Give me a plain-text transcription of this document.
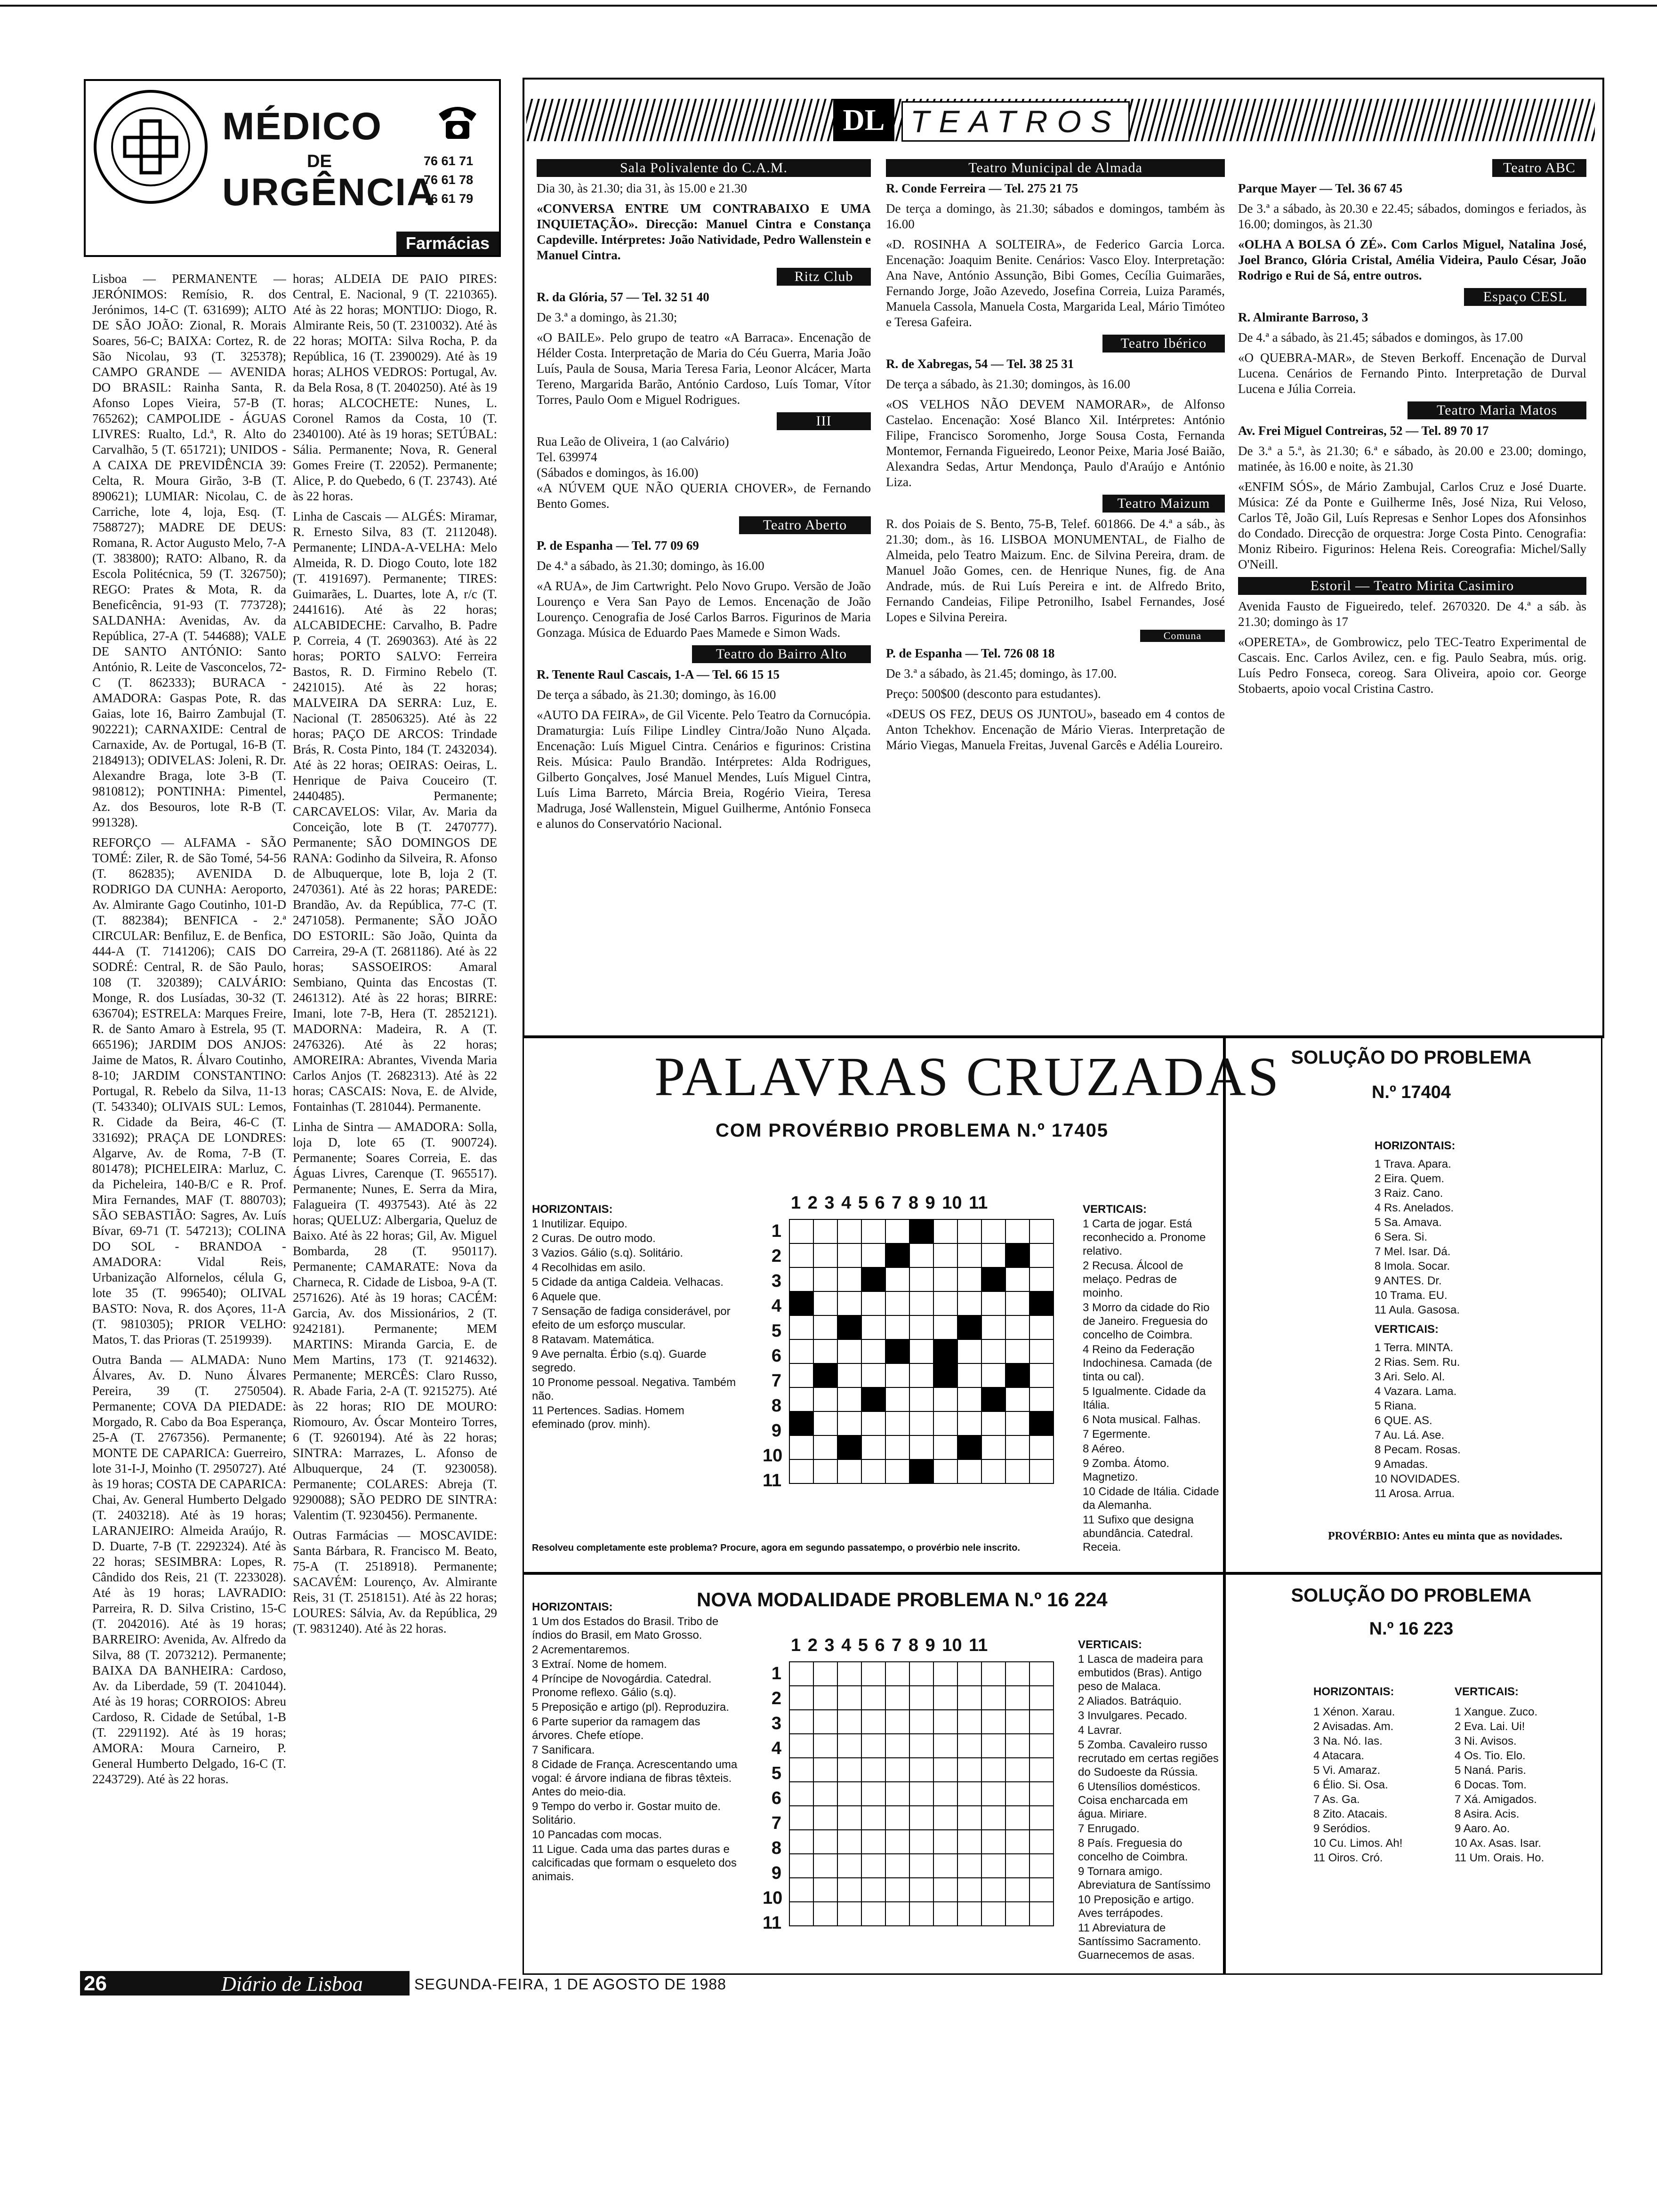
MÉDICO
DE
URGÊNCIA
76 61 71
76 61 78
76 61 79
Farmácias

Lisboa — PERMANENTE — JERÓNIMOS: Remísio, R. dos Jerónimos, 14-C (T. 631699); ALTO DE SÃO JOÃO: Zional, R. Morais Soares, 56-C; BAIXA: Cortez, R. de São Nicolau, 93 (T. 325378); CAMPO GRANDE — AVENIDA DO BRASIL: Rainha Santa, R. Afonso Lopes Vieira, 57-B (T. 765262); CAMPOLIDE - ÁGUAS LIVRES: Rualto, Ld.ª, R. Alto do Carvalhão, 5 (T. 651721); UNIDOS - A CAIXA DE PREVIDÊNCIA 39: Celta, R. Moura Girão, 3-B (T. 890621); LUMIAR: Nicolau, C. de Carriche, lote 4, loja, Esq. (T. 7588727); MADRE DE DEUS: Romana, R. Actor Augusto Melo, 7-A (T. 383800); RATO: Albano, R. da Escola Politécnica, 59 (T. 326750); REGO: Prates & Mota, R. da Beneficência, 91-93 (T. 773728); SALDANHA: Avenidas, Av. da República, 27-A (T. 544688); VALE DE SANTO ANTÓNIO: Santo António, R. Leite de Vasconcelos, 72-C (T. 862333); BURACA - AMADORA: Gaspas Pote, R. das Gaias, lote 16, Bairro Zambujal (T. 902221); CARNAXIDE: Central de Carnaxide, Av. de Portugal, 16-B (T. 2184913); ODIVELAS: Joleni, R. Dr. Alexandre Braga, lote 3-B (T. 9810812); PONTINHA: Pimentel, Az. dos Besouros, lote R-B (T. 991328).

REFORÇO — ALFAMA - SÃO TOMÉ: Ziler, R. de São Tomé, 54-56 (T. 862835); AVENIDA D. RODRIGO DA CUNHA: Aeroporto, Av. Almirante Gago Coutinho, 101-D (T. 882384); BENFICA - 2.ª CIRCULAR: Benfiluz, E. de Benfica, 444-A (T. 7141206); CAIS DO SODRÉ: Central, R. de São Paulo, 108 (T. 320389); CALVÁRIO: Monge, R. dos Lusíadas, 30-32 (T. 636704); ESTRELA: Marques Freire, R. de Santo Amaro à Estrela, 95 (T. 665196); JARDIM DOS ANJOS: Jaime de Matos, R. Álvaro Coutinho, 8-10; JARDIM CONSTANTINO: Portugal, R. Rebelo da Silva, 11-13 (T. 543340); OLIVAIS SUL: Lemos, R. Cidade da Beira, 46-C (T. 331692); PRAÇA DE LONDRES: Algarve, Av. de Roma, 7-B (T. 801478); PICHELEIRA: Marluz, C. da Picheleira, 140-B/C e R. Prof. Mira Fernandes, MAF (T. 880703); SÃO SEBASTIÃO: Sagres, Av. Luís Bívar, 69-71 (T. 547213); COLINA DO SOL - BRANDOA - AMADORA: Vidal Reis, Urbanização Alfornelos, célula G, lote 35 (T. 996540); OLIVAL BASTO: Nova, R. dos Açores, 11-A (T. 9810305); PRIOR VELHO: Matos, T. das Prioras (T. 2519939).

Outra Banda — ALMADA: Nuno Álvares, Av. D. Nuno Álvares Pereira, 39 (T. 2750504). Permanente; COVA DA PIEDADE: Morgado, R. Cabo da Boa Esperança, 25-A (T. 2767356). Permanente; MONTE DE CAPARICA: Guerreiro, lote 31-I-J, Moinho (T. 2950727). Até às 19 horas; COSTA DE CAPARICA: Chai, Av. General Humberto Delgado (T. 2403218). Até às 19 horas; LARANJEIRO: Almeida Araújo, R. D. Duarte, 7-B (T. 2292324). Até às 22 horas; SESIMBRA: Lopes, R. Cândido dos Reis, 21 (T. 2233028). Até às 19 horas; LAVRADIO: Parreira, R. D. Silva Cristino, 15-C (T. 2042016). Até às 19 horas; BARREIRO: Avenida, Av. Alfredo da Silva, 88 (T. 2073212). Permanente; BAIXA DA BANHEIRA: Cardoso, Av. da Liberdade, 59 (T. 2041044). Até às 19 horas; CORROIOS: Abreu Cardoso, R. Cidade de Setúbal, 1-B (T. 2291192). Até às 19 horas; AMORA: Moura Carneiro, P. General Humberto Delgado, 16-C (T. 2243729). Até às 22 horas.

horas; ALDEIA DE PAIO PIRES: Central, E. Nacional, 9 (T. 2210365). Até às 22 horas; MONTIJO: Diogo, R. Almirante Reis, 50 (T. 2310032). Até às 22 horas; MOITA: Silva Rocha, P. da República, 16 (T. 2390029). Até às 19 horas; ALHOS VEDROS: Portugal, Av. da Bela Rosa, 8 (T. 2040250). Até às 19 horas; ALCOCHETE: Nunes, L. Coronel Ramos da Costa, 10 (T. 2340100). Até às 19 horas; SETÚBAL: Sália. Permanente; Nova, R. General Gomes Freire (T. 22052). Permanente; Alice, P. do Quebedo, 6 (T. 23743). Até às 22 horas.

Linha de Cascais — ALGÉS: Miramar, R. Ernesto Silva, 83 (T. 2112048). Permanente; LINDA-A-VELHA: Melo Almeida, R. D. Diogo Couto, lote 182 (T. 4191697). Permanente; TIRES: Guimarães, L. Duartes, lote A, r/c (T. 2441616). Até às 22 horas; ALCABIDECHE: Carvalho, B. Padre P. Correia, 4 (T. 2690363). Até às 22 horas; PORTO SALVO: Ferreira Bastos, R. D. Firmino Rebelo (T. 2421015). Até às 22 horas; MALVEIRA DA SERRA: Luz, E. Nacional (T. 28506325). Até às 22 horas; PAÇO DE ARCOS: Trindade Brás, R. Costa Pinto, 184 (T. 2432034). Até às 22 horas; OEIRAS: Oeiras, L. Henrique de Paiva Couceiro (T. 2440485). Permanente; CARCAVELOS: Vilar, Av. Maria da Conceição, lote B (T. 2470777). Permanente; SÃO DOMINGOS DE RANA: Godinho da Silveira, R. Afonso de Albuquerque, lote B, loja 2 (T. 2470361). Até às 22 horas; PAREDE: Brandão, Av. da República, 77-C (T. 2471058). Permanente; SÃO JOÃO DO ESTORIL: São João, Quinta da Carreira, 29-A (T. 2681186). Até às 22 horas; SASSOEIROS: Amaral Sembiano, Quinta das Encostas (T. 2461312). Até às 22 horas; BIRRE: Imani, lote 7-B, Hera (T. 2852121). MADORNA: Madeira, R. A (T. 2476326). Até às 22 horas; AMOREIRA: Abrantes, Vivenda Maria Carlos Anjos (T. 2682313). Até às 22 horas; CASCAIS: Nova, E. de Alvide, Fontainhas (T. 281044). Permanente.

Linha de Sintra — AMADORA: Solla, loja D, lote 65 (T. 900724). Permanente; Soares Correia, E. das Águas Livres, Carenque (T. 965517). Permanente; Nunes, E. Serra da Mira, Falagueira (T. 4937543). Até às 22 horas; QUELUZ: Albergaria, Queluz de Baixo. Até às 22 horas; Gil, Av. Miguel Bombarda, 28 (T. 950117). Permanente; CAMARATE: Nova da Charneca, R. Cidade de Lisboa, 9-A (T. 2571626). Até às 19 horas; CACÉM: Garcia, Av. dos Missionários, 2 (T. 9242181). Permanente; MEM MARTINS: Miranda Garcia, E. de Mem Martins, 173 (T. 9214632). Permanente; MERCÊS: Claro Russo, R. Abade Faria, 2-A (T. 9215275). Até às 22 horas; RIO DE MOURO: Riomouro, Av. Óscar Monteiro Torres, 6 (T. 9260194). Até às 22 horas; SINTRA: Marrazes, L. Afonso de Albuquerque, 24 (T. 9230058). Permanente; COLARES: Abreja (T. 9290088); SÃO PEDRO DE SINTRA: Valentim (T. 9230456). Permanente.

Outras Farmácias — MOSCAVIDE: Santa Bárbara, R. Francisco M. Beato, 75-A (T. 2518918). Permanente; SACAVÉM: Lourenço, Av. Almirante Reis, 31 (T. 2518151). Até às 22 horas; LOURES: Sálvia, Av. da República, 29 (T. 9831240). Até às 22 horas.

DL TEATROS
Sala Polivalente do C.A.M.

Dia 30, às 21.30; dia 31, às 15.00 e 21.30

«CONVERSA ENTRE UM CONTRABAIXO E UMA INQUIETAÇÃO». Direcção: Manuel Cintra e Constança Capdeville. Intérpretes: João Natividade, Pedro Wallenstein e Manuel Cintra.

Ritz Club

R. da Glória, 57 — Tel. 32 51 40

De 3.ª a domingo, às 21.30;

«O BAILE». Pelo grupo de teatro «A Barraca». Encenação de Hélder Costa. Interpretação de Maria do Céu Guerra, Maria João Luís, Paula de Sousa, Maria Teresa Faria, Leonor Alcácer, Marta Tereno, Margarida Barão, António Cardoso, Luís Tomar, Vítor Torres, Paulo Oom e Miguel Rodrigues.

III

Rua Leão de Oliveira, 1 (ao Calvário)

Tel. 639974

(Sábados e domingos, às 16.00)

«A NÚVEM QUE NÃO QUERIA CHOVER», de Fernando Bento Gomes.

Teatro Aberto

P. de Espanha — Tel. 77 09 69

De 4.ª a sábado, às 21.30; domingo, às 16.00

«A RUA», de Jim Cartwright. Pelo Novo Grupo. Versão de João Lourenço e Vera San Payo de Lemos. Encenação de João Lourenço. Cenografia de José Carlos Barros. Figurinos de Maria Gonzaga. Música de Eduardo Paes Mamede e Simon Wads.

Teatro do Bairro Alto

R. Tenente Raul Cascais, 1-A — Tel. 66 15 15

De terça a sábado, às 21.30; domingo, às 16.00

«AUTO DA FEIRA», de Gil Vicente. Pelo Teatro da Cornucópia. Dramaturgia: Luís Filipe Lindley Cintra/João Nuno Alçada. Encenação: Luís Miguel Cintra. Cenários e figurinos: Cristina Reis. Música: Paulo Brandão. Intérpretes: Alda Rodrigues, Gilberto Gonçalves, José Manuel Mendes, Luís Miguel Cintra, Luís Lima Barreto, Márcia Breia, Rogério Vieira, Teresa Madruga, José Wallenstein, Miguel Guilherme, António Fonseca e alunos do Conservatório Nacional.

Teatro Municipal de Almada

R. Conde Ferreira — Tel. 275 21 75

De terça a domingo, às 21.30; sábados e domingos, também às 16.00

«D. ROSINHA A SOLTEIRA», de Federico Garcia Lorca. Encenação: Joaquim Benite. Cenários: Vasco Eloy. Interpretação: Ana Nave, António Assunção, Bibi Gomes, Cecília Guimarães, Fernando Jorge, João Azevedo, Josefina Correia, Luiza Paramés, Manuela Cassola, Manuela Costa, Margarida Leal, Mário Timóteo e Teresa Gafeira.

Teatro Ibérico

R. de Xabregas, 54 — Tel. 38 25 31

De terça a sábado, às 21.30; domingos, às 16.00

«OS VELHOS NÃO DEVEM NAMORAR», de Alfonso Castelao. Encenação: Xosé Blanco Xil. Intérpretes: António Filipe, Francisco Soromenho, Jorge Sousa Costa, Fernanda Montemor, Fernanda Figueiredo, Leonor Peixe, Maria José Baião, Alexandra Sedas, Artur Mendonça, Paulo d'Araújo e António Liza.

Teatro Maizum

R. dos Poiais de S. Bento, 75-B, Telef. 601866. De 4.ª a sáb., às 21.30; dom., às 16. LISBOA MONUMENTAL, de Fialho de Almeida, pelo Teatro Maizum. Enc. de Silvina Pereira, dram. de Manuel João Gomes, cen. de Henrique Nunes, fig. de Ana Andrade, mús. de Rui Luís Pereira e int. de Alfredo Brito, Fernando Candeias, Filipe Petronilho, Isabel Fernandes, José Lopes e Silvina Pereira.

Comuna

P. de Espanha — Tel. 726 08 18

De 3.ª a sábado, às 21.45; domingo, às 17.00.

Preço: 500$00 (desconto para estudantes).

«DEUS OS FEZ, DEUS OS JUNTOU», baseado em 4 contos de Anton Tchekhov. Encenação de Mário Vieras. Interpretação de Mário Viegas, Manuela Freitas, Juvenal Garcês e Adélia Loureiro.

Teatro ABC

Parque Mayer — Tel. 36 67 45

De 3.ª a sábado, às 20.30 e 22.45; sábados, domingos e feriados, às 16.00; domingos, às 21.30

«OLHA A BOLSA Ó ZÉ». Com Carlos Miguel, Natalina José, Joel Branco, Glória Cristal, Amélia Videira, Paulo César, João Rodrigo e Rui de Sá, entre outros.

Espaço CESL

R. Almirante Barroso, 3

De 4.ª a sábado, às 21.45; sábados e domingos, às 17.00

«O QUEBRA-MAR», de Steven Berkoff. Encenação de Durval Lucena. Cenários de Fernando Pinto. Interpretação de Durval Lucena e Júlia Correia.

Teatro Maria Matos

Av. Frei Miguel Contreiras, 52 — Tel. 89 70 17

De 3.ª a 5.ª, às 21.30; 6.ª e sábado, às 20.00 e 23.00; domingo, matinée, às 16.00 e noite, às 21.30

«ENFIM SÓS», de Mário Zambujal, Carlos Cruz e José Duarte. Música: Zé da Ponte e Guilherme Inês, José Niza, Rui Veloso, Carlos Tê, João Gil, Luís Represas e Senhor Lopes dos Afonsinhos do Condado. Direcção de orquestra: Jorge Costa Pinto. Cenografia: Moniz Ribeiro. Figurinos: Helena Reis. Coreografia: Michel/Sally O'Neill.

Estoril — Teatro Mirita Casimiro

Avenida Fausto de Figueiredo, telef. 2670320. De 4.ª a sáb. às 21.30; domingo às 17

«OPERETA», de Gombrowicz, pelo TEC-Teatro Experimental de Cascais. Enc. Carlos Avilez, cen. e fig. Paulo Seabra, mús. orig. Luís Pedro Fonseca, coreog. Sara Oliveira, apoio cor. George Stobaerts, apoio vocal Cristina Castro.

PALAVRAS CRUZADAS
COM PROVÉRBIO PROBLEMA N.º 17405
HORIZONTAIS:
1 Inutilizar. Equipo.
2 Curas. De outro modo.
3 Vazios. Gálio (s.q). Solitário.
4 Recolhidas em asilo.
5 Cidade da antiga Caldeia. Velhacas.
6 Aquele que.
7 Sensação de fadiga considerável, por efeito de um esforço muscular.
8 Ratavam. Matemática.
9 Ave pernalta. Érbio (s.q). Guarde segredo.
10 Pronome pessoal. Negativa. Também não.
11 Pertences. Sadias. Homem efeminado (prov. minh).
1 2 3 4 5 6 7 8 9 10 11
1
2
3
4
5
6
7
8
9
10
11

VERTICAIS:
1 Carta de jogar. Está reconhecido a. Pronome relativo.
2 Recusa. Álcool de melaço. Pedras de moinho.
3 Morro da cidade do Rio de Janeiro. Freguesia do concelho de Coimbra.
4 Reino da Federação Indochinesa. Camada (de tinta ou cal).
5 Igualmente. Cidade da Itália.
6 Nota musical. Falhas.
7 Egermente.
8 Aéreo.
9 Zomba. Átomo. Magnetizo.
10 Cidade de Itália. Cidade da Alemanha.
11 Sufixo que designa abundância. Catedral. Receia.
Resolveu completamente este problema? Procure, agora em segundo passatempo, o provérbio nele inscrito.
SOLUÇÃO DO PROBLEMA
N.º 17404
HORIZONTAIS:
1 Trava. Apara.
2 Eira. Quem.
3 Raiz. Cano.
4 Rs. Anelados.
5 Sa. Amava.
6 Sera. Si.
7 Mel. Isar. Dá.
8 Imola. Socar.
9 ANTES. Dr.
10 Trama. EU.
11 Aula. Gasosa.
VERTICAIS:
1 Terra. MINTA.
2 Rias. Sem. Ru.
3 Ari. Selo. Al.
4 Vazara. Lama.
5 Riana.
6 QUE. AS.
7 Au. Lá. Ase.
8 Pecam. Rosas.
9 Amadas.
10 NOVIDADES.
11 Arosa. Arrua.
PROVÉRBIO: Antes eu minta que as novidades.
NOVA MODALIDADE PROBLEMA N.º 16 224
HORIZONTAIS:
1 Um dos Estados do Brasil. Tribo de índios do Brasil, em Mato Grosso.
2 Acrementaremos.
3 Extraí. Nome de homem.
4 Príncipe de Novogárdia. Catedral. Pronome reflexo. Gálio (s.q).
5 Preposição e artigo (pl). Reproduzira.
6 Parte superior da ramagem das árvores. Chefe etíope.
7 Sanificara.
8 Cidade de França. Acrescentando uma vogal: é árvore indiana de fibras têxteis. Antes do meio-dia.
9 Tempo do verbo ir. Gostar muito de. Solitário.
10 Pancadas com mocas.
11 Ligue. Cada uma das partes duras e calcificadas que formam o esqueleto dos animais.
1 2 3 4 5 6 7 8 9 10 11
1
2
3
4
5
6
7
8
9
10
11

VERTICAIS:
1 Lasca de madeira para embutidos (Bras). Antigo peso de Malaca.
2 Aliados. Batráquio.
3 Invulgares. Pecado.
4 Lavrar.
5 Zomba. Cavaleiro russo recrutado em certas regiões do Sudoeste da Rússia.
6 Utensílios domésticos. Coisa encharcada em água. Miriare.
7 Enrugado.
8 País. Freguesia do concelho de Coimbra.
9 Tornara amigo. Abreviatura de Santíssimo
10 Preposição e artigo. Aves terrápodes.
11 Abreviatura de Santíssimo Sacramento. Guarnecemos de asas.
SOLUÇÃO DO PROBLEMA
N.º 16 223
HORIZONTAIS:
1 Xénon. Xarau.
2 Avisadas. Am.
3 Na. Nó. Ias.
4 Atacara.
5 Vi. Amaraz.
6 Élio. Si. Osa.
7 As. Ga.
8 Zito. Atacais.
9 Seródios.
10 Cu. Limos. Ah!
11 Oiros. Cró.
VERTICAIS:
1 Xangue. Zuco.
2 Eva. Lai. Ui!
3 Ni. Avisos.
4 Os. Tio. Elo.
5 Naná. Paris.
6 Docas. Tom.
7 Xá. Amigados.
8 Asira. Acis.
9 Aaro. Ao.
10 Ax. Asas. Isar.
11 Um. Orais. Ho.
26	Diário de Lisboa	SEGUNDA-FEIRA, 1 DE AGOSTO DE 1988
